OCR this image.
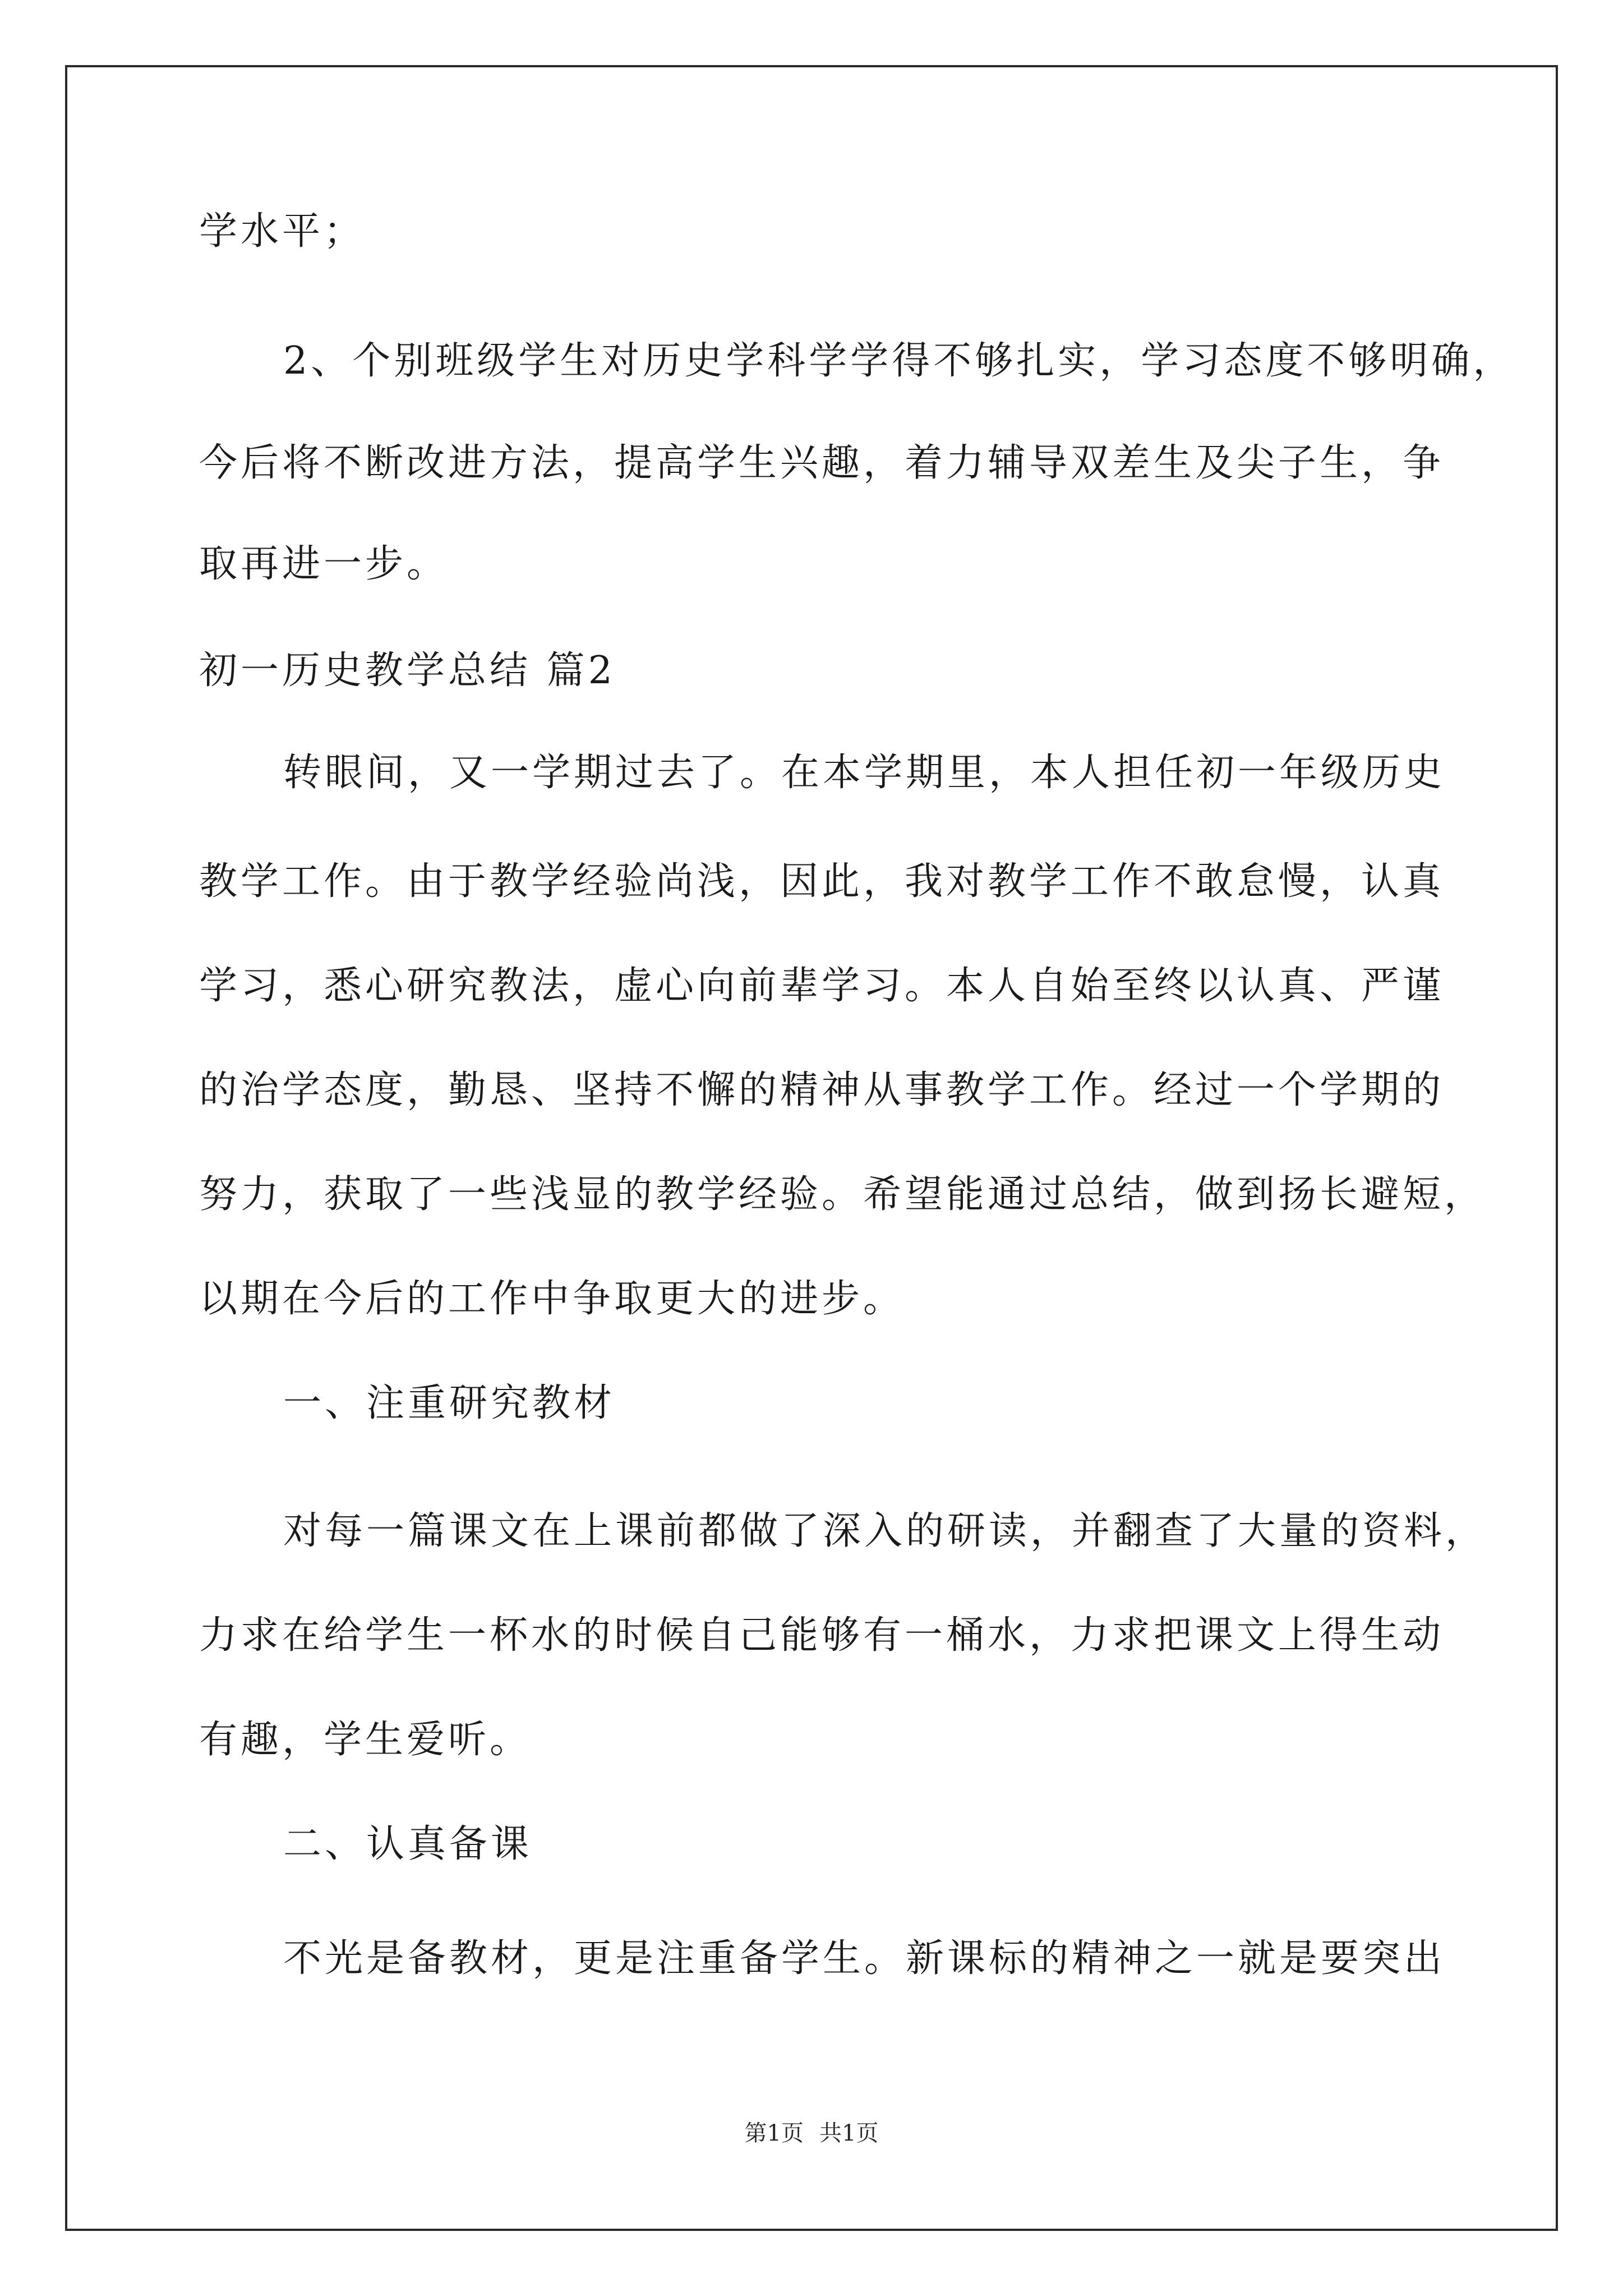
学水平；
2、个别班级学生对历史学科学学得不够扎实，学习态度不够明确，
今后将不断改进方法，提高学生兴趣，着力辅导双差生及尖子生，争
取再进一步。
初一历史教学总结 篇2
转眼间，又一学期过去了。在本学期里，本人担任初一年级历史
教学工作。由于教学经验尚浅，因此，我对教学工作不敢怠慢，认真
学习，悉心研究教法，虚心向前辈学习。本人自始至终以认真、严谨
的治学态度，勤恳、坚持不懈的精神从事教学工作。经过一个学期的
努力，获取了一些浅显的教学经验。希望能通过总结，做到扬长避短，
以期在今后的工作中争取更大的进步。
一、注重研究教材
对每一篇课文在上课前都做了深入的研读，并翻查了大量的资料，
力求在给学生一杯水的时候自己能够有一桶水，力求把课文上得生动
有趣，学生爱听。
二、认真备课
不光是备教材，更是注重备学生。新课标的精神之一就是要突出
第1页 共1页
